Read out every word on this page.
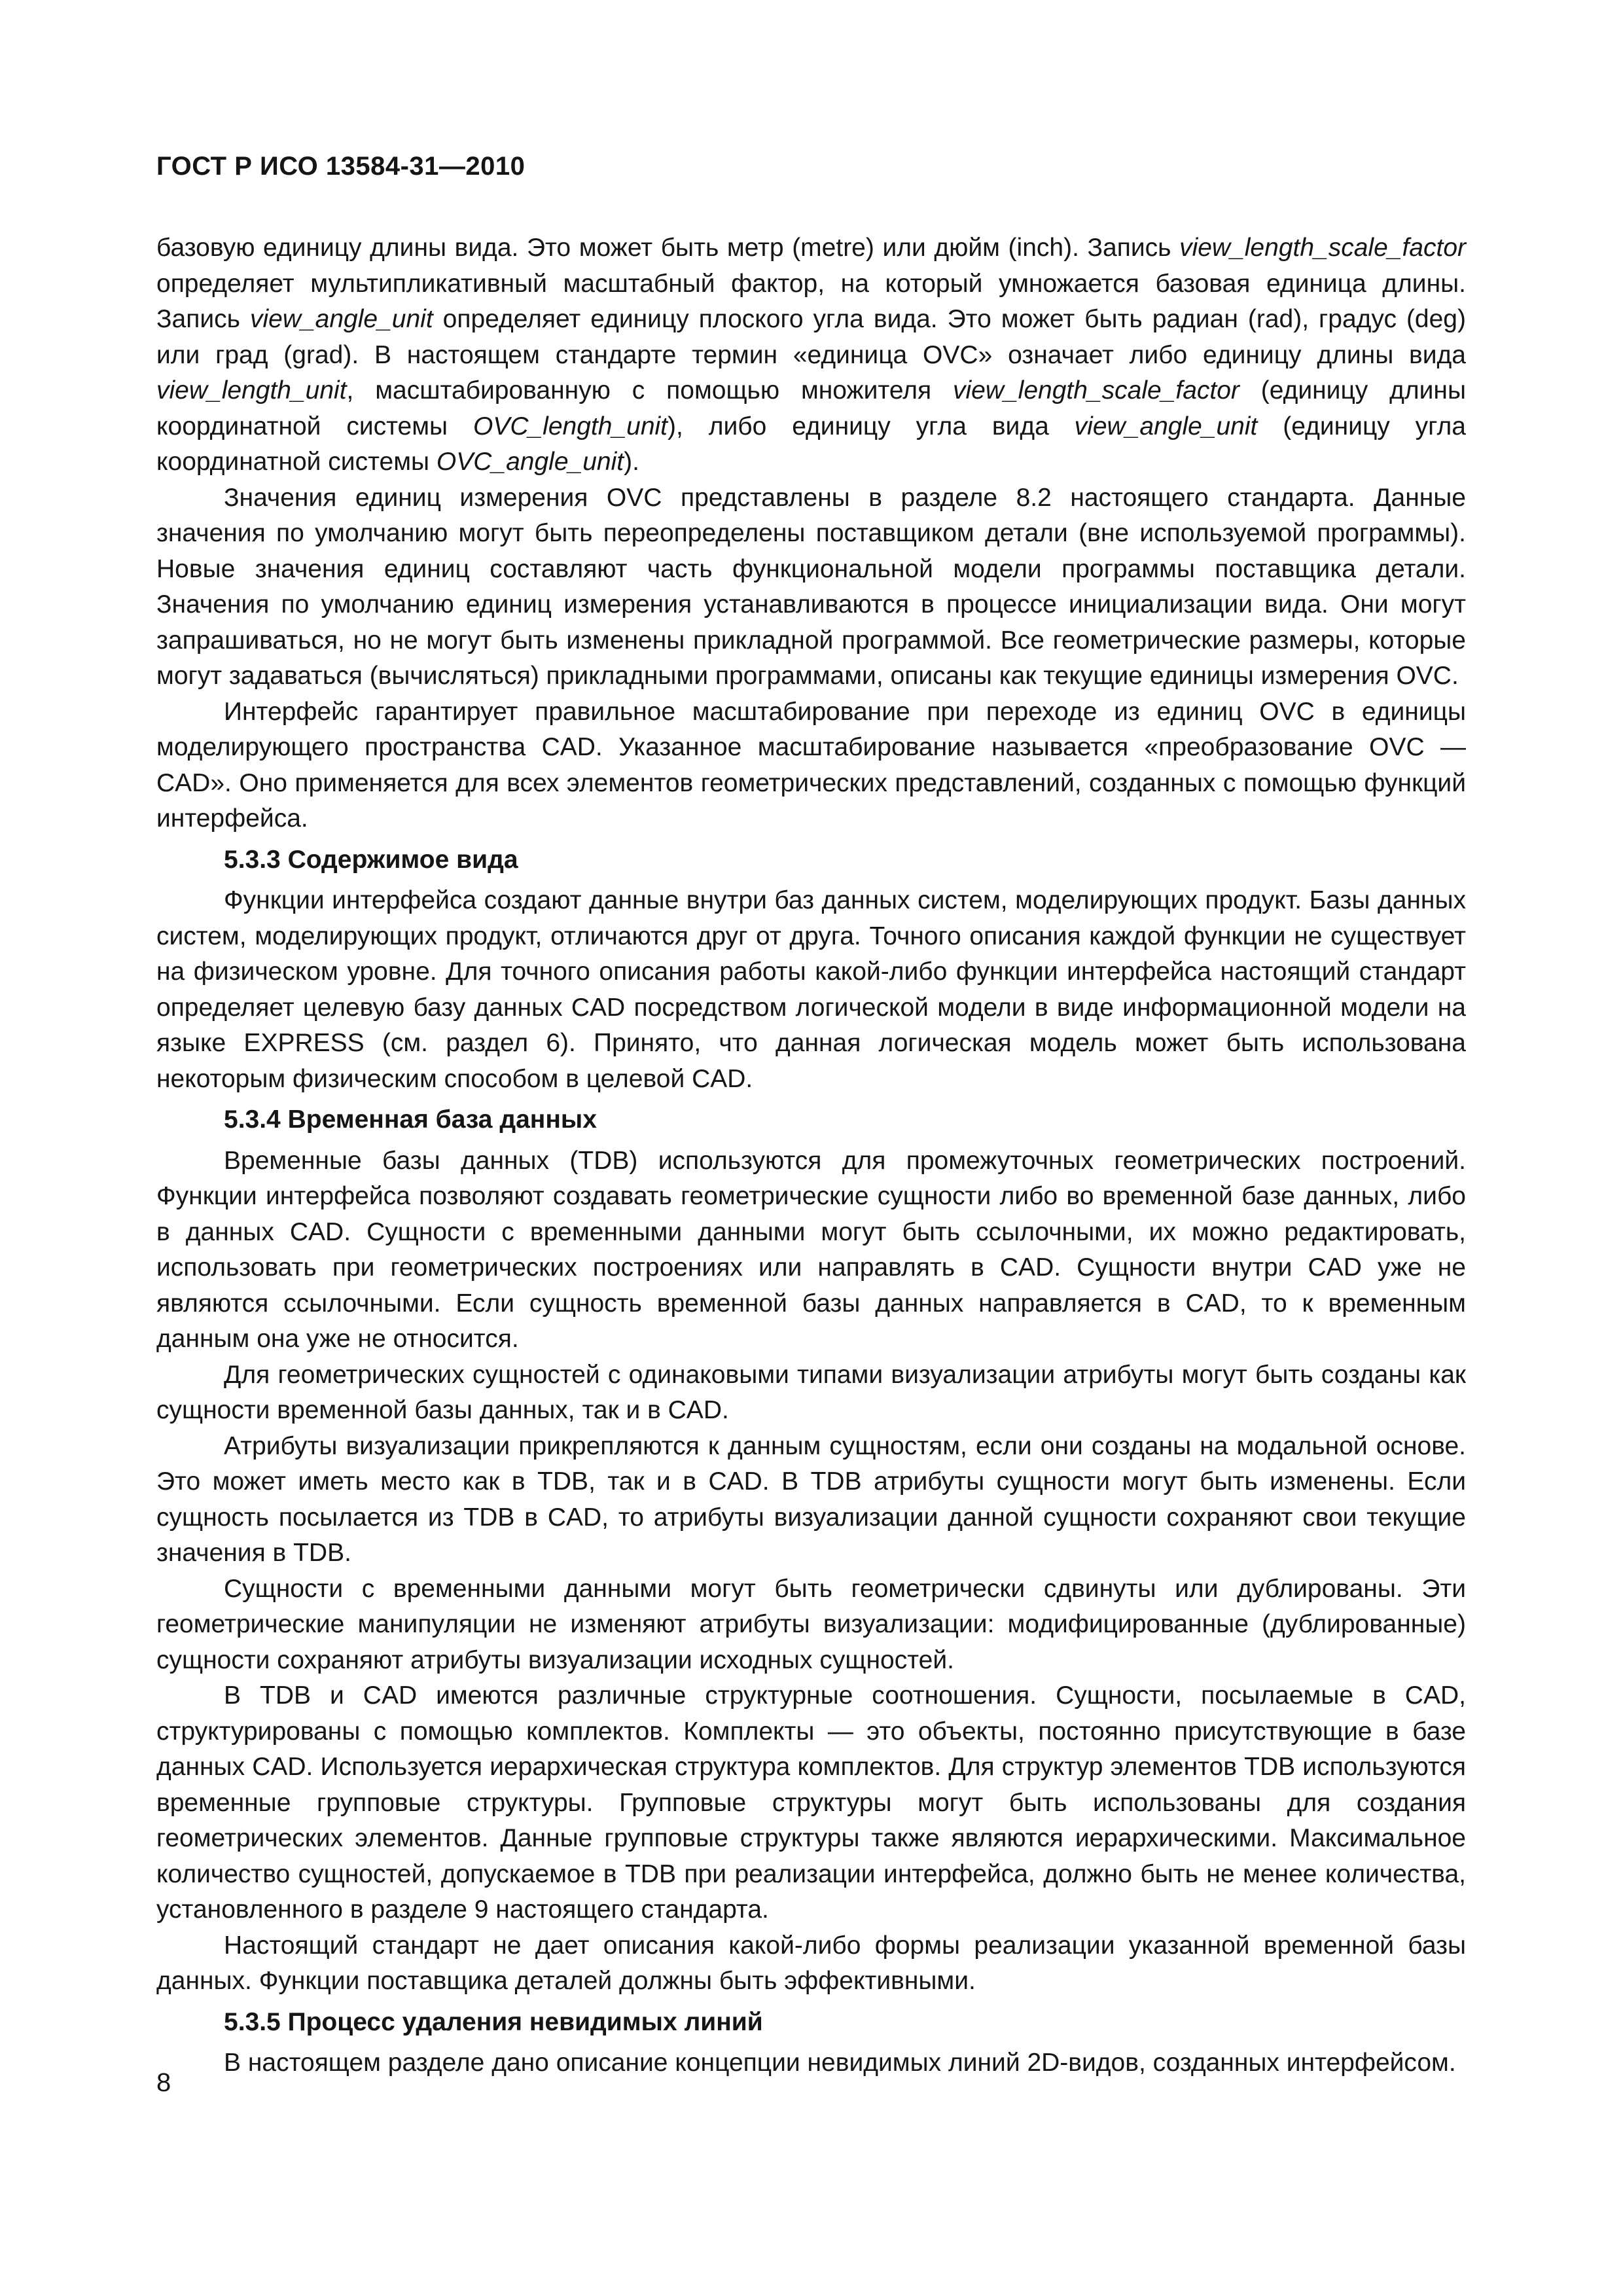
ГОСТ Р ИСО 13584-31—2010

базовую единицу длины вида. Это может быть метр (metre) или дюйм (inch). Запись view_length_scale_factor определяет мультипликативный масштабный фактор, на который умножается базовая единица длины. Запись view_angle_unit определяет единицу плоского угла вида. Это может быть радиан (rad), градус (deg) или град (grad). В настоящем стандарте термин «единица OVC» означает либо единицу длины вида view_length_unit, масштабированную с помощью множителя view_length_scale_factor (единицу длины координатной системы OVC_length_unit), либо единицу угла вида view_angle_unit (единицу угла координатной системы OVC_angle_unit).

Значения единиц измерения OVC представлены в разделе 8.2 настоящего стандарта. Данные значения по умолчанию могут быть переопределены поставщиком детали (вне используемой программы). Новые значения единиц составляют часть функциональной модели программы поставщика детали. Значения по умолчанию единиц измерения устанавливаются в процессе инициализации вида. Они могут запрашиваться, но не могут быть изменены прикладной программой. Все геометрические размеры, которые могут задаваться (вычисляться) прикладными программами, описаны как текущие единицы измерения OVC.

Интерфейс гарантирует правильное масштабирование при переходе из единиц OVC в единицы моделирующего пространства CAD. Указанное масштабирование называется «преобразование OVC — CAD». Оно применяется для всех элементов геометрических представлений, созданных с помощью функций интерфейса.

5.3.3 Содержимое вида

Функции интерфейса создают данные внутри баз данных систем, моделирующих продукт. Базы данных систем, моделирующих продукт, отличаются друг от друга. Точного описания каждой функции не существует на физическом уровне. Для точного описания работы какой-либо функции интерфейса настоящий стандарт определяет целевую базу данных CAD посредством логической модели в виде информационной модели на языке EXPRESS (см. раздел 6). Принято, что данная логическая модель может быть использована некоторым физическим способом в целевой CAD.

5.3.4 Временная база данных

Временные базы данных (TDB) используются для промежуточных геометрических построений. Функции интерфейса позволяют создавать геометрические сущности либо во временной базе данных, либо в данных CAD. Сущности с временными данными могут быть ссылочными, их можно редактировать, использовать при геометрических построениях или направлять в CAD. Сущности внутри CAD уже не являются ссылочными. Если сущность временной базы данных направляется в CAD, то к временным данным она уже не относится.

Для геометрических сущностей с одинаковыми типами визуализации атрибуты могут быть созданы как сущности временной базы данных, так и в CAD.

Атрибуты визуализации прикрепляются к данным сущностям, если они созданы на модальной основе. Это может иметь место как в TDB, так и в CAD. В TDB атрибуты сущности могут быть изменены. Если сущность посылается из TDB в CAD, то атрибуты визуализации данной сущности сохраняют свои текущие значения в TDB.

Сущности с временными данными могут быть геометрически сдвинуты или дублированы. Эти геометрические манипуляции не изменяют атрибуты визуализации: модифицированные (дублированные) сущности сохраняют атрибуты визуализации исходных сущностей.

В TDB и CAD имеются различные структурные соотношения. Сущности, посылаемые в CAD, структурированы с помощью комплектов. Комплекты — это объекты, постоянно присутствующие в базе данных CAD. Используется иерархическая структура комплектов. Для структур элементов TDB используются временные групповые структуры. Групповые структуры могут быть использованы для создания геометрических элементов. Данные групповые структуры также являются иерархическими. Максимальное количество сущностей, допускаемое в TDB при реализации интерфейса, должно быть не менее количества, установленного в разделе 9 настоящего стандарта.

Настоящий стандарт не дает описания какой-либо формы реализации указанной временной базы данных. Функции поставщика деталей должны быть эффективными.

5.3.5 Процесс удаления невидимых линий

В настоящем разделе дано описание концепции невидимых линий 2D-видов, созданных интерфейсом.

8
